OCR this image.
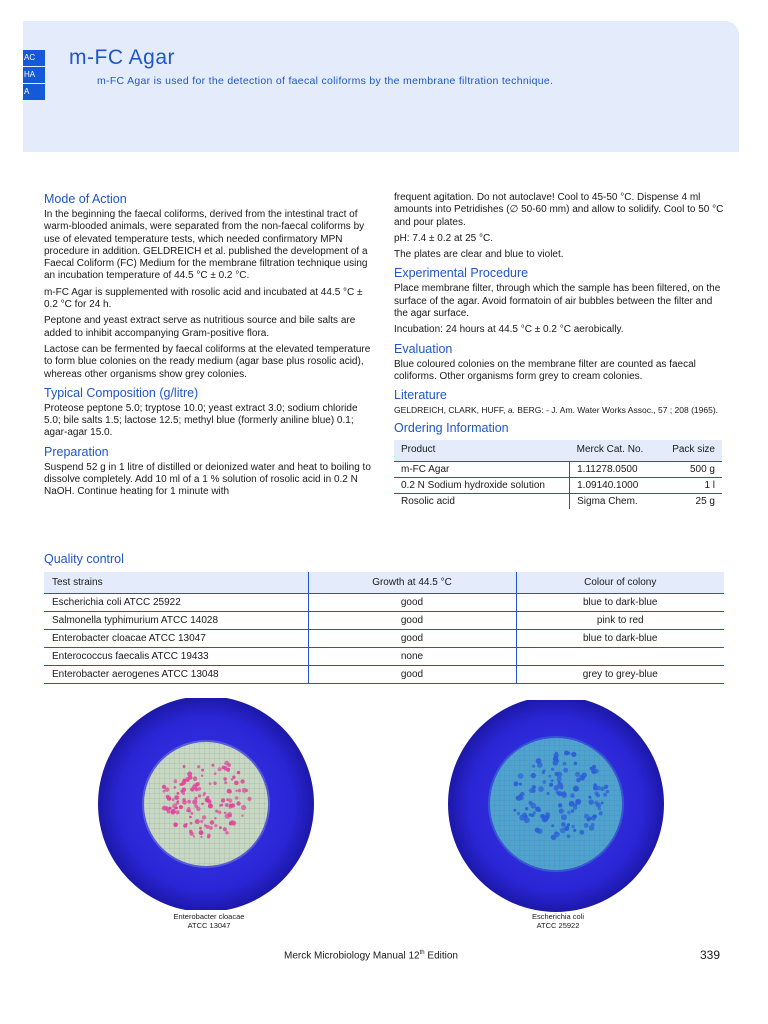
AC
HA
A
m-FC Agar
m-FC Agar is used for the detection of faecal coliforms by the membrane filtration technique.
Mode of Action

In the beginning the faecal coliforms, derived from the intestinal tract of warm-blooded animals, were separated from the non-faecal coliforms by use of elevated temperature tests, which needed confirmatory MPN procedure in addition. GELDREICH et al. published the development of a Faecal Coliform (FC) Medium for the membrane filtration technique using an incubation temperature of 44.5 °C ± 0.2 °C.

m-FC Agar is supplemented with rosolic acid and incubated at 44.5 °C ± 0.2 °C for 24 h.

Peptone and yeast extract serve as nutritious source and bile salts are added to inhibit accompanying Gram-positive flora.

Lactose can be fermented by faecal coliforms at the elevated temperature to form blue colonies on the ready medium (agar base plus rosolic acid), whereas other organisms show grey colonies.

Typical Composition (g/litre)

Proteose peptone 5.0; tryptose 10.0; yeast extract 3.0; sodium chloride 5.0; bile salts 1.5; lactose 12.5; methyl blue (formerly aniline blue) 0.1; agar-agar 15.0.

Preparation

Suspend 52 g in 1 litre of distilled or deionized water and heat to boiling to dissolve completely. Add 10 ml of a 1 % solution of rosolic acid in 0.2 N NaOH. Continue heating for 1 minute with

frequent agitation. Do not autoclave! Cool to 45-50 °C. Dispense 4 ml amounts into Petridishes (∅ 50-60 mm) and allow to solidify. Cool to 50 °C and pour plates.

pH: 7.4 ± 0.2 at 25 °C.

The plates are clear and blue to violet.

Experimental Procedure

Place membrane filter, through which the sample has been filtered, on the surface of the agar. Avoid formatoin of air bubbles between the filter and the agar surface.

Incubation: 24 hours at 44.5 °C ± 0.2 °C aerobically.

Evaluation

Blue coloured colonies on the membrane filter are counted as faecal coliforms. Other organisms form grey to cream colonies.

Literature

GELDREICH, CLARK, HUFF, a. BERG: - J. Am. Water Works Assoc., 57 ; 208 (1965).

Ordering Information
Product	Merck Cat. No.	Pack size
m-FC Agar	1.11278.0500	500 g
0.2 N Sodium hydroxide solution	1.09140.1000	1 l
Rosolic acid	Sigma Chem.	25 g
Quality control
Test strains	Growth at 44.5 °C	Colour of colony
Escherichia coli ATCC 25922	good	blue to dark-blue
Salmonella typhimurium ATCC 14028	good	pink to red
Enterobacter cloacae ATCC 13047	good	blue to dark-blue
Enterococcus faecalis ATCC 19433	none	
Enterobacter aerogenes ATCC 13048	good	grey to grey-blue
Enterobacter cloacae
ATCC 13047
Escherichia coli
ATCC 25922
Merck Microbiology Manual 12th Edition	339
